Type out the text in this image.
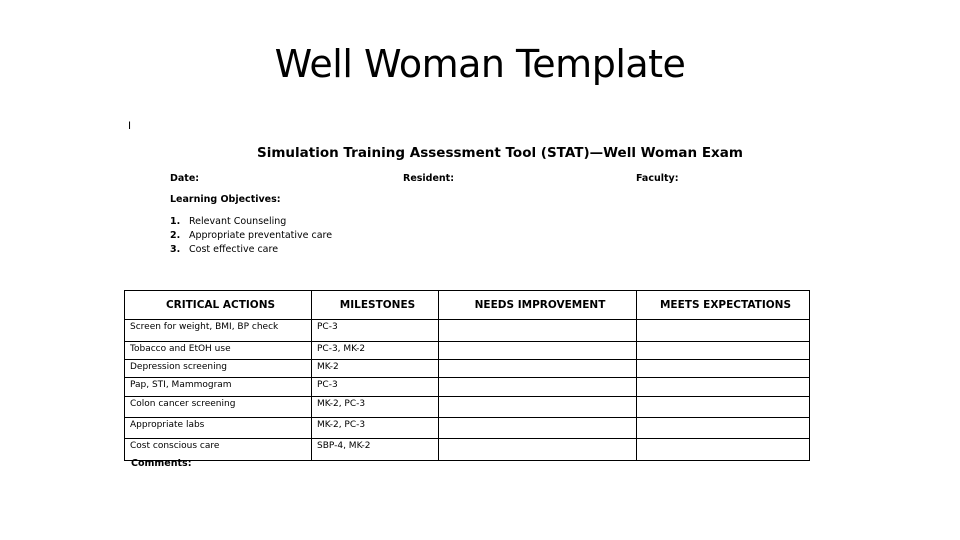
Well Woman Template
I
Simulation Training Assessment Tool (STAT)—Well Woman Exam
Date:	Resident:	Faculty:
Learning Objectives:
1. Relevant Counseling
2. Appropriate preventative care
3. Cost effective care
CRITICAL ACTIONS	MILESTONES	NEEDS IMPROVEMENT	MEETS EXPECTATIONS
Screen for weight, BMI, BP check	PC-3		
Tobacco and EtOH use	PC-3, MK-2		
Depression screening	MK-2		
Pap, STI, Mammogram	PC-3		
Colon cancer screening	MK-2, PC-3		
Appropriate labs	MK-2, PC-3		
Cost conscious care	SBP-4, MK-2		
Comments:
